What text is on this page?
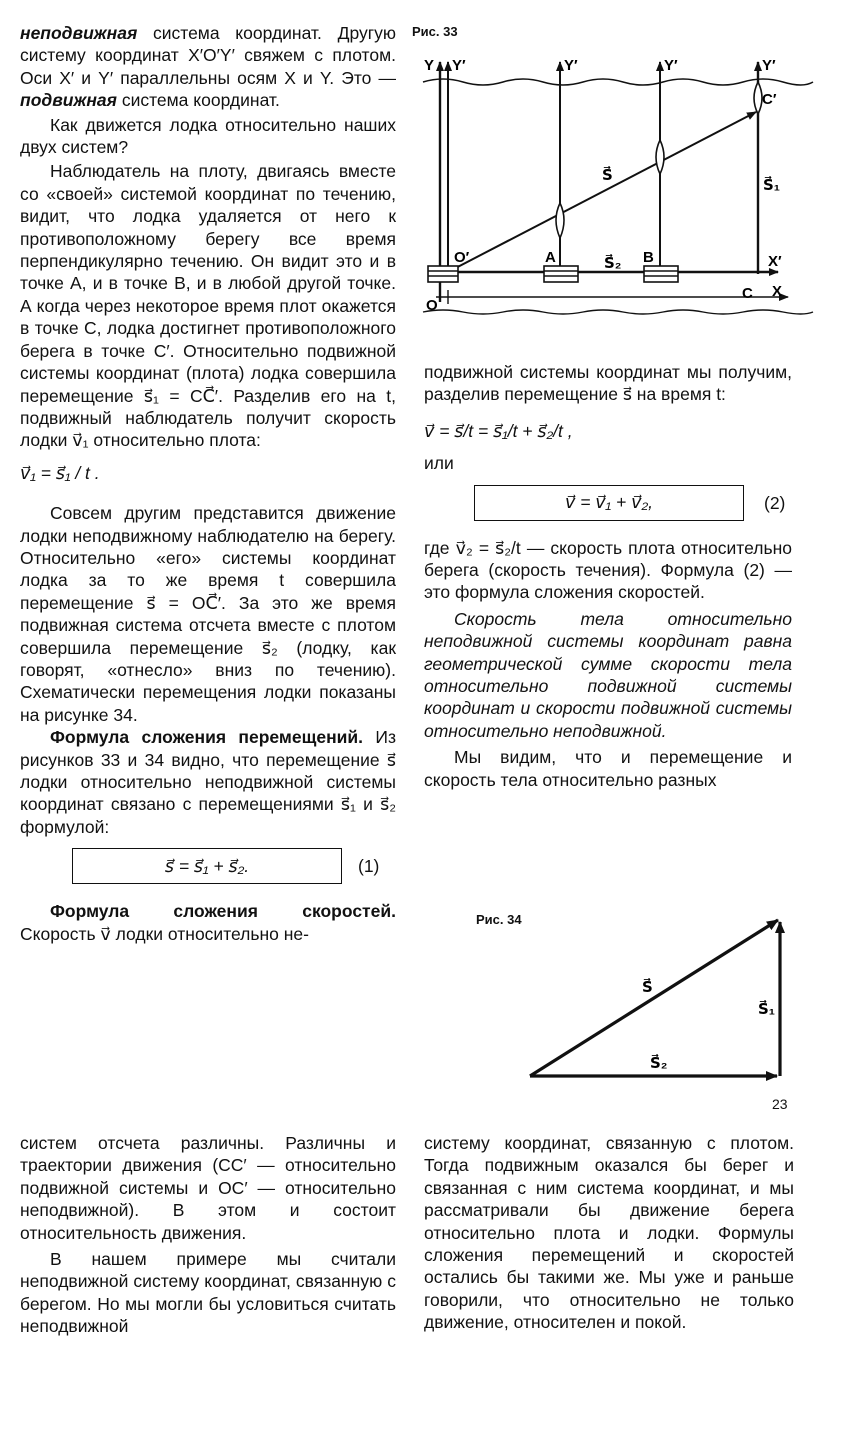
неподвижная система координат. Другую систему координат X′O′Y′ свяжем с плотом. Оси X′ и Y′ параллельны осям X и Y. Это — подвижная система координат.

Как движется лодка относительно наших двух систем?

Наблюдатель на плоту, двигаясь вместе со «своей» системой координат по течению, видит, что лодка удаляется от него к противоположному берегу все время перпендикулярно течению. Он видит это и в точке A, и в точке B, и в любой другой точке. А когда через некоторое время плот окажется в точке C, лодка достигнет противоположного берега в точке C′. Относительно подвижной системы координат (плота) лодка совершила перемещение s⃗₁ = CC⃗′. Разделив его на t, подвижный наблюдатель получит скорость лодки v⃗₁ относительно плота:

v⃗₁ = s⃗₁ / t .

Совсем другим представится движение лодки неподвижному наблюдателю на берегу. Относительно «его» системы координат лодка за то же время t совершила перемещение s⃗ = OC⃗′. За это же время подвижная система отсчета вместе с плотом совершила перемещение s⃗₂ (лодку, как говорят, «отнесло» вниз по течению). Схематически перемещения лодки показаны на рисунке 34.

Формула сложения перемещений. Из рисунков 33 и 34 видно, что перемещение s⃗ лодки относительно неподвижной системы координат связано с перемещениями s⃗₁ и s⃗₂ формулой:

s⃗ = s⃗₁ + s⃗₂.	(1)

Формула сложения скоростей. Скорость v⃗ лодки относительно не-

Рис. 33
Y Y′	Y′	Y′	Y′
O′
O
A	B
C
C′
S⃗
S⃗₁
S⃗₂	X′
X

подвижной системы координат мы получим, разделив перемещение s⃗ на время t:

v⃗ = s⃗/t = s⃗₁/t + s⃗₂/t ,

или

v⃗ = v⃗₁ + v⃗₂,	(2)

где v⃗₂ = s⃗₂/t — скорость плота относительно берега (скорость течения). Формула (2) — это формула сложения скоростей.

Скорость тела относительно неподвижной системы координат равна геометрической сумме скорости тела относительно подвижной системы координат и скорости подвижной системы относительно неподвижной.

Мы видим, что и перемещение и скорость тела относительно разных

Рис. 34
S⃗
S⃗₁
S⃗₂
23

систем отсчета различны. Различны и траектории движения (CC′ — относительно подвижной системы и OC′ — относительно неподвижной). В этом и состоит относительность движения.

В нашем примере мы считали неподвижной систему координат, связанную с берегом. Но мы могли бы условиться считать неподвижной

систему координат, связанную с плотом. Тогда подвижным оказался бы берег и связанная с ним система координат, и мы рассматривали бы движение берега относительно плота и лодки. Формулы сложения перемещений и скоростей остались бы такими же. Мы уже и раньше говорили, что относительно не только движение, относителен и покой.
